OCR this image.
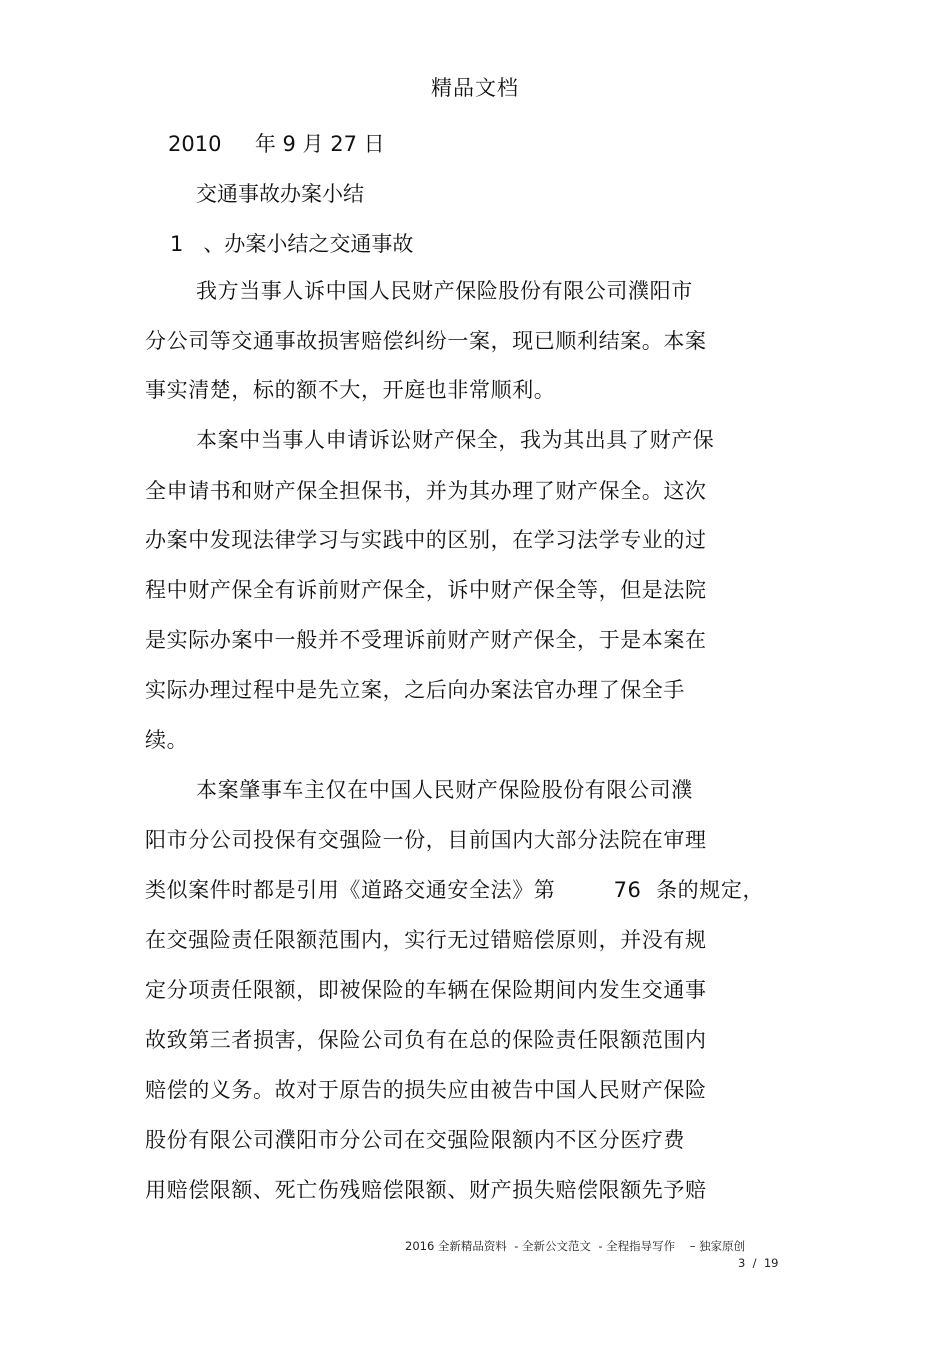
精品文档
2010     年 9 月 27 日
交通事故办案小结
1   、办案小结之交通事故
我方当事人诉中国人民财产保险股份有限公司濮阳市
分公司等交通事故损害赔偿纠纷一案，现已顺利结案。本案
事实清楚，标的额不大，开庭也非常顺利。
本案中当事人申请诉讼财产保全，我为其出具了财产保
全申请书和财产保全担保书，并为其办理了财产保全。这次
办案中发现法律学习与实践中的区别，在学习法学专业的过
程中财产保全有诉前财产保全，诉中财产保全等，但是法院
是实际办案中一般并不受理诉前财产财产保全，于是本案在
实际办理过程中是先立案，之后向办案法官办理了保全手
续。
本案肇事车主仅在中国人民财产保险股份有限公司濮
阳市分公司投保有交强险一份，目前国内大部分法院在审理
类似案件时都是引用《道路交通安全法》第        76  条的规定，
在交强险责任限额范围内，实行无过错赔偿原则，并没有规
定分项责任限额，即被保险的车辆在保险期间内发生交通事
故致第三者损害，保险公司负有在总的保险责任限额范围内
赔偿的义务。故对于原告的损失应由被告中国人民财产保险
股份有限公司濮阳市分公司在交强险限额内不区分医疗费
用赔偿限额、死亡伤残赔偿限额、财产损失赔偿限额先予赔
2016 全新精品资料  - 全新公文范文  - 全程指导写作    – 独家原创
3  /  19
